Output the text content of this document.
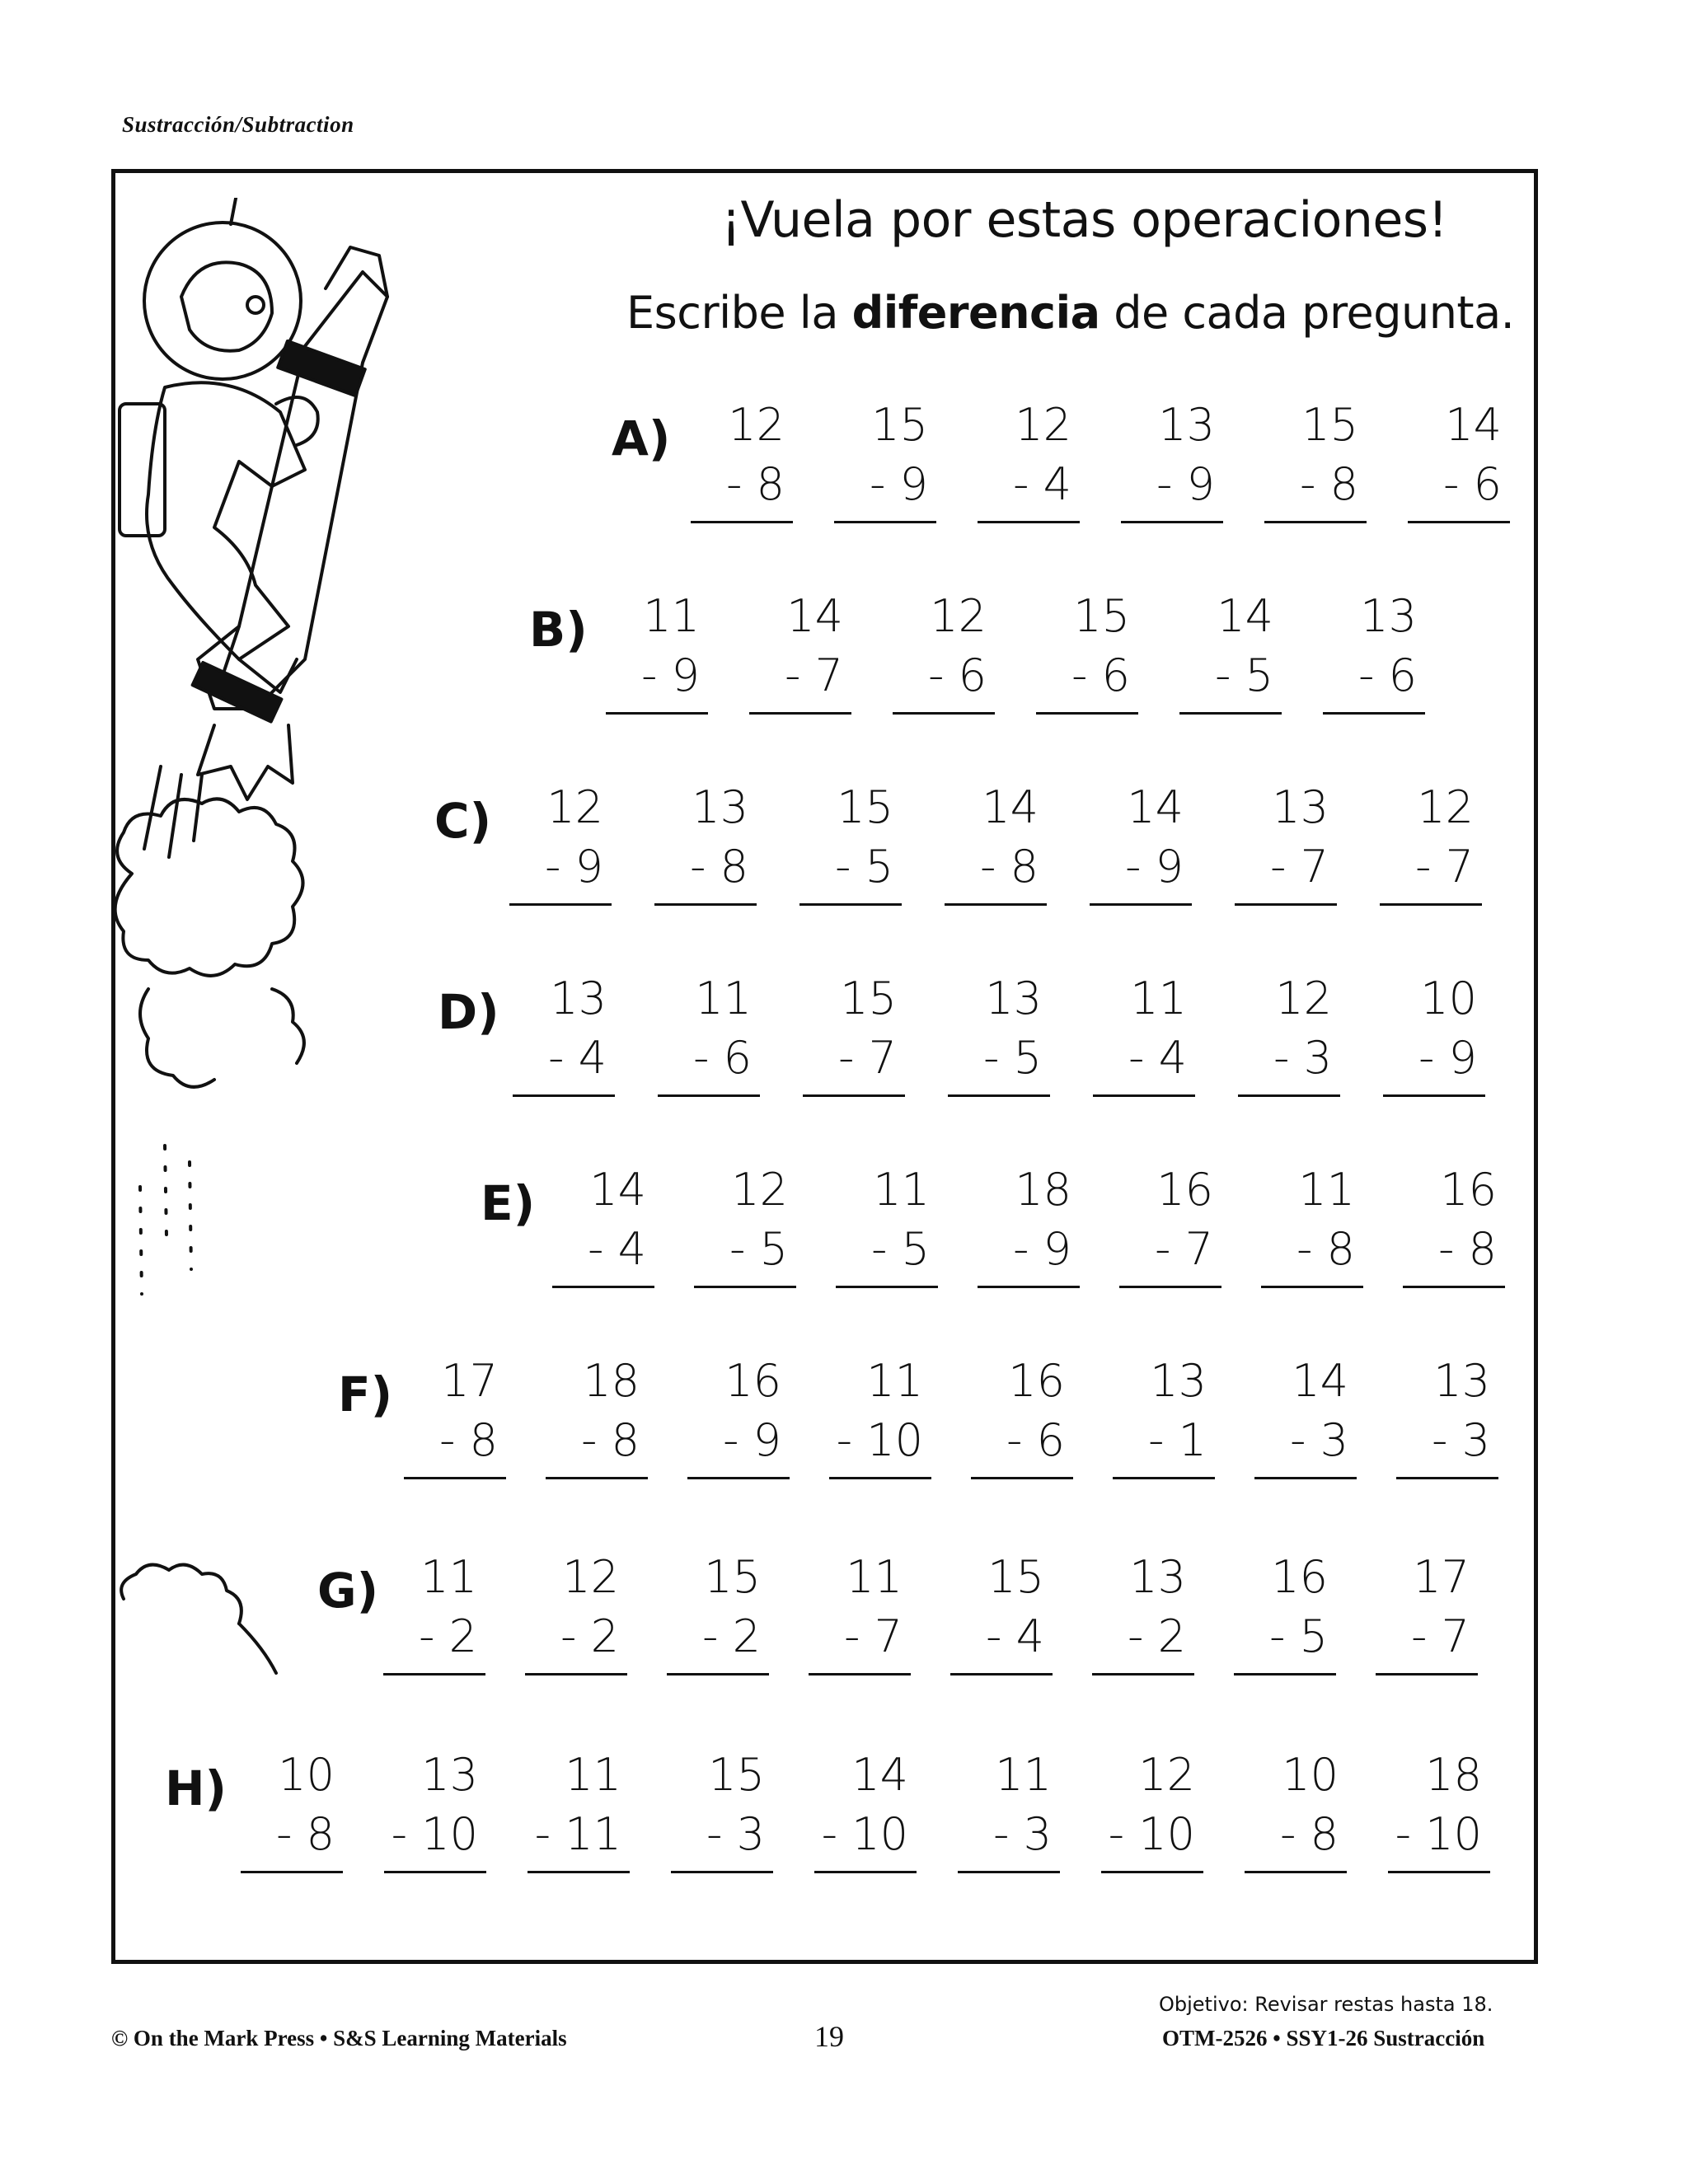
Sustracción/Subtraction
¡Vuela por estas operaciones!
Escribe la diferencia de cada pregunta.
A)	12
- 8
15
- 9
12
- 4
13
- 9
15
- 8
14
- 6
B)	11
- 9
14
- 7
12
- 6
15
- 6
14
- 5
13
- 6
C)	12
- 9
13
- 8
15
- 5
14
- 8
14
- 9
13
- 7
12
- 7
D)	13
- 4
11
- 6
15
- 7
13
- 5
11
- 4
12
- 3
10
- 9
E)	14
- 4
12
- 5
11
- 5
18
- 9
16
- 7
11
- 8
16
- 8
F)	17
- 8
18
- 8
16
- 9
11
- 10
16
- 6
13
- 1
14
- 3
13
- 3
G) 11
- 2
12
- 2
15
- 2
11
- 7
15
- 4
13
- 2
16
- 5
17
- 7
H)	10
- 8
13
- 10
11
- 11
15
- 3
14
- 10
11
- 3
12
- 10
10
- 8
18
- 10
Objetivo: Revisar restas hasta 18.
© On the Mark Press • S&S Learning Materials	19	OTM-2526 • SSY1-26 Sustracción
